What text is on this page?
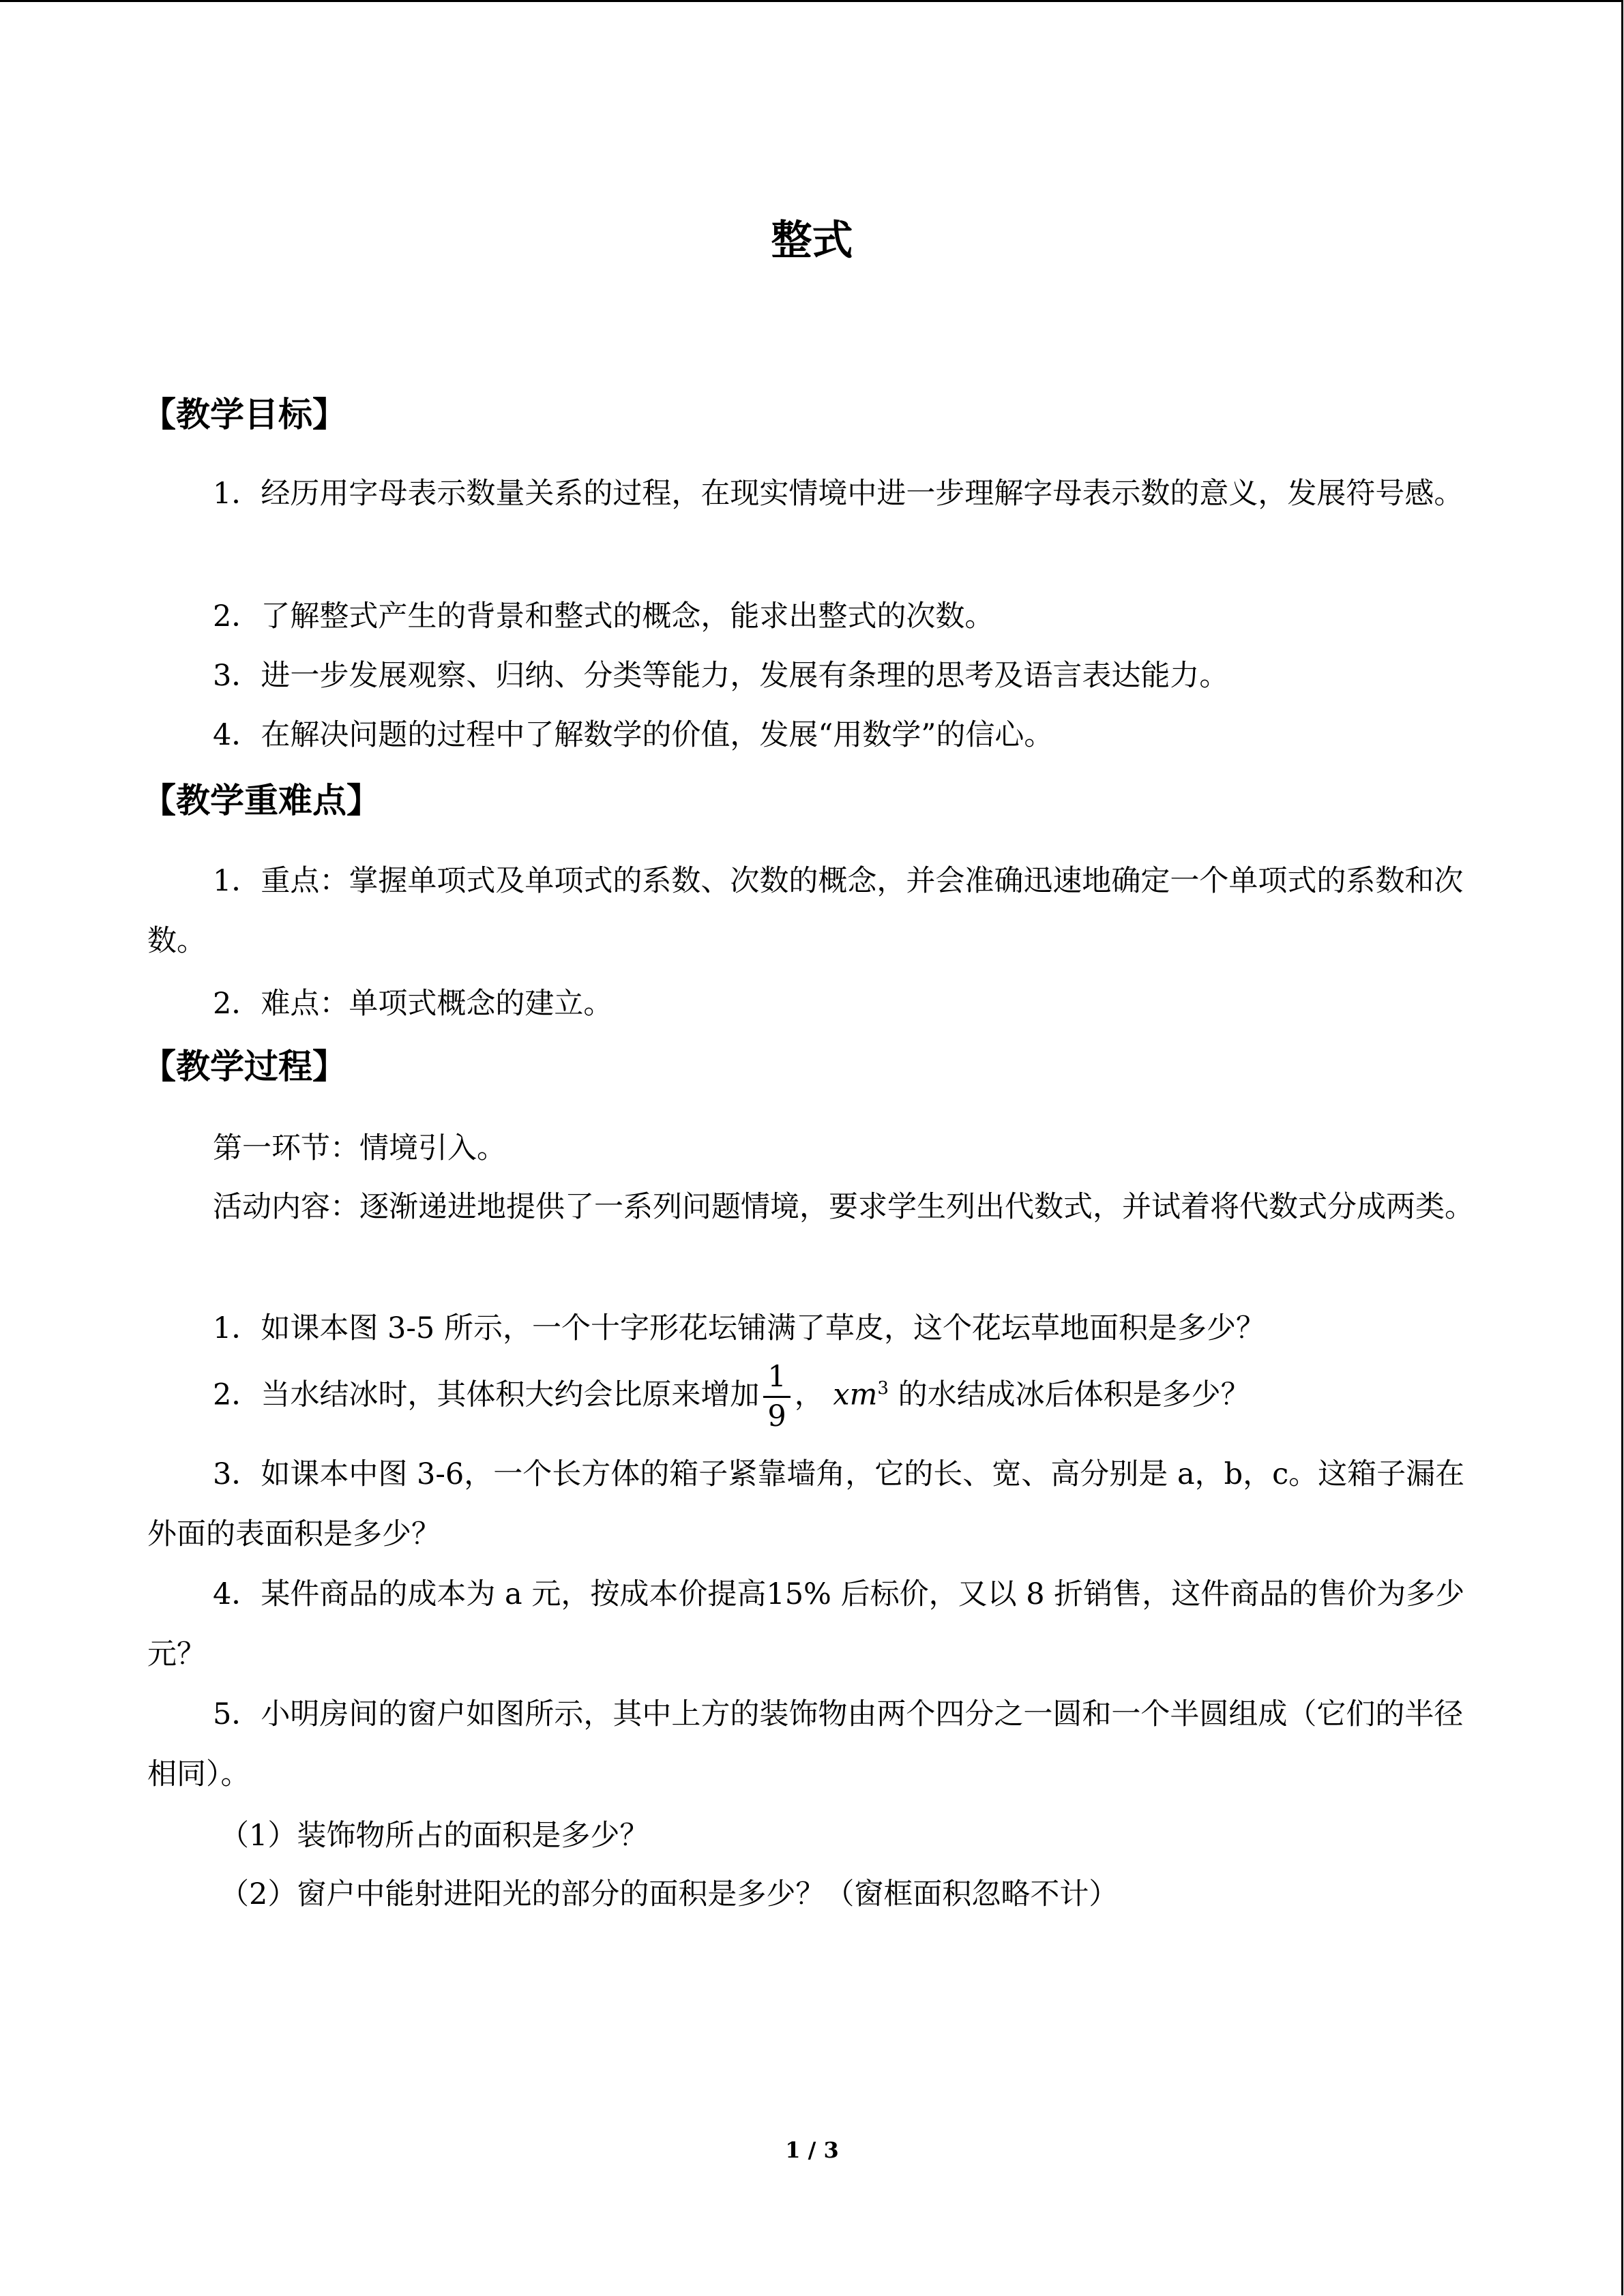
整式
【教学目标】

1．经历用字母表示数量关系的过程，在现实情境中进一步理解字母表示数的意义，发展符号感。

2．了解整式产生的背景和整式的概念，能求出整式的次数。
3．进一步发展观察、归纳、分类等能力，发展有条理的思考及语言表达能力。
4．在解决问题的过程中了解数学的价值，发展“用数学”的信心。
【教学重难点】

1．重点：掌握单项式及单项式的系数、次数的概念，并会准确迅速地确定一个单项式的系数和次数。

2．难点：单项式概念的建立。
【教学过程】
第一环节：情境引入。

活动内容：逐渐递进地提供了一系列问题情境，要求学生列出代数式，并试着将代数式分成两类。

1．如课本图 3-5 所示，一个十字形花坛铺满了草皮，这个花坛草地面积是多少？
2．当水结冰时，其体积大约会比原来增加 $\frac{1}{9}$ ， $xm^3$ 的水结成冰后体积是多少？

3．如课本中图 3-6，一个长方体的箱子紧靠墙角，它的长、宽、高分别是 a，b，c。这箱子漏在外面的表面积是多少？

4．某件商品的成本为 a 元，按成本价提高15% 后标价，又以 8 折销售，这件商品的售价为多少元？

5．小明房间的窗户如图所示，其中上方的装饰物由两个四分之一圆和一个半圆组成（它们的半径相同）。

（1）装饰物所占的面积是多少？
（2）窗户中能射进阳光的部分的面积是多少？（窗框面积忽略不计）
1 / 3
